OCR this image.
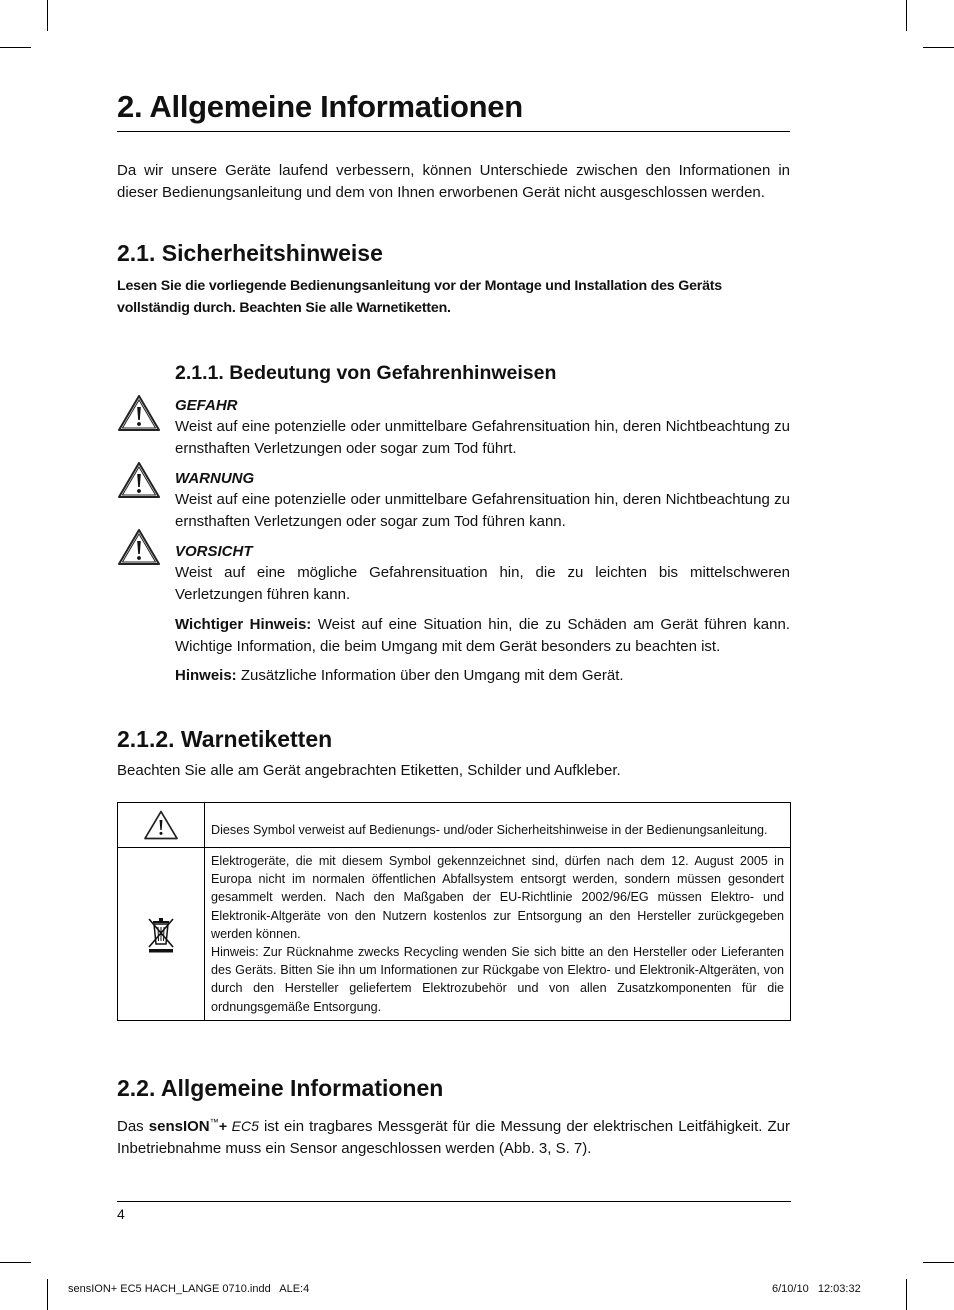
2. Allgemeine Informationen

Da wir unsere Geräte laufend verbessern, können Unterschiede zwischen den Informationen in dieser Bedienungsanleitung und dem von Ihnen erworbenen Gerät nicht ausgeschlossen werden.

2.1. Sicherheitshinweise

Lesen Sie die vorliegende Bedienungsanleitung vor der Montage und Installation des Geräts vollständig durch. Beachten Sie alle Warnetiketten.

2.1.1. Bedeutung von Gefahrenhinweisen
GEFAHR

Weist auf eine potenzielle oder unmittelbare Gefahrensituation hin, deren Nichtbeachtung zu ernsthaften Verletzungen oder sogar zum Tod führt.

WARNUNG

Weist auf eine potenzielle oder unmittelbare Gefahrensituation hin, deren Nichtbeachtung zu ernsthaften Verletzungen oder sogar zum Tod führen kann.

VORSICHT

Weist auf eine mögliche Gefahrensituation hin, die zu leichten bis mittelschweren Verletzungen führen kann.

Wichtiger Hinweis: Weist auf eine Situation hin, die zu Schäden am Gerät führen kann. Wichtige Information, die beim Umgang mit dem Gerät besonders zu beachten ist.

Hinweis: Zusätzliche Information über den Umgang mit dem Gerät.

2.1.2. Warnetiketten

Beachten Sie alle am Gerät angebrachten Etiketten, Schilder und Aufkleber.

	Dieses Symbol verweist auf Bedienungs- und/oder Sicherheitshinweise in der Bedienungsanleitung.

Elektrogeräte, die mit diesem Symbol gekennzeichnet sind, dürfen nach dem 12. August 2005 in Europa nicht im normalen öffentlichen Abfallsystem entsorgt werden, sondern müssen gesondert gesammelt werden. Nach den Maßgaben der EU-Richtlinie 2002/96/EG müssen Elektro- und Elektronik-Altgeräte von den Nutzern kostenlos zur Entsorgung an den Hersteller zurückgegeben werden können.
Hinweis: Zur Rücknahme zwecks Recycling wenden Sie sich bitte an den Hersteller oder Lieferanten des Geräts. Bitten Sie ihn um Informationen zur Rückgabe von Elektro- und Elektronik-Altgeräten, von durch den Hersteller geliefertem Elektrozubehör und von allen Zusatzkomponenten für die ordnungsgemäße Entsorgung.
2.2. Allgemeine Informationen

Das sensION™+ EC5 ist ein tragbares Messgerät für die Messung der elektrischen Leitfähigkeit. Zur Inbetriebnahme muss ein Sensor angeschlossen werden (Abb. 3, S. 7).

4
sensION+ EC5 HACH_LANGE 0710.indd   ALE:4	6/10/10   12:03:32
